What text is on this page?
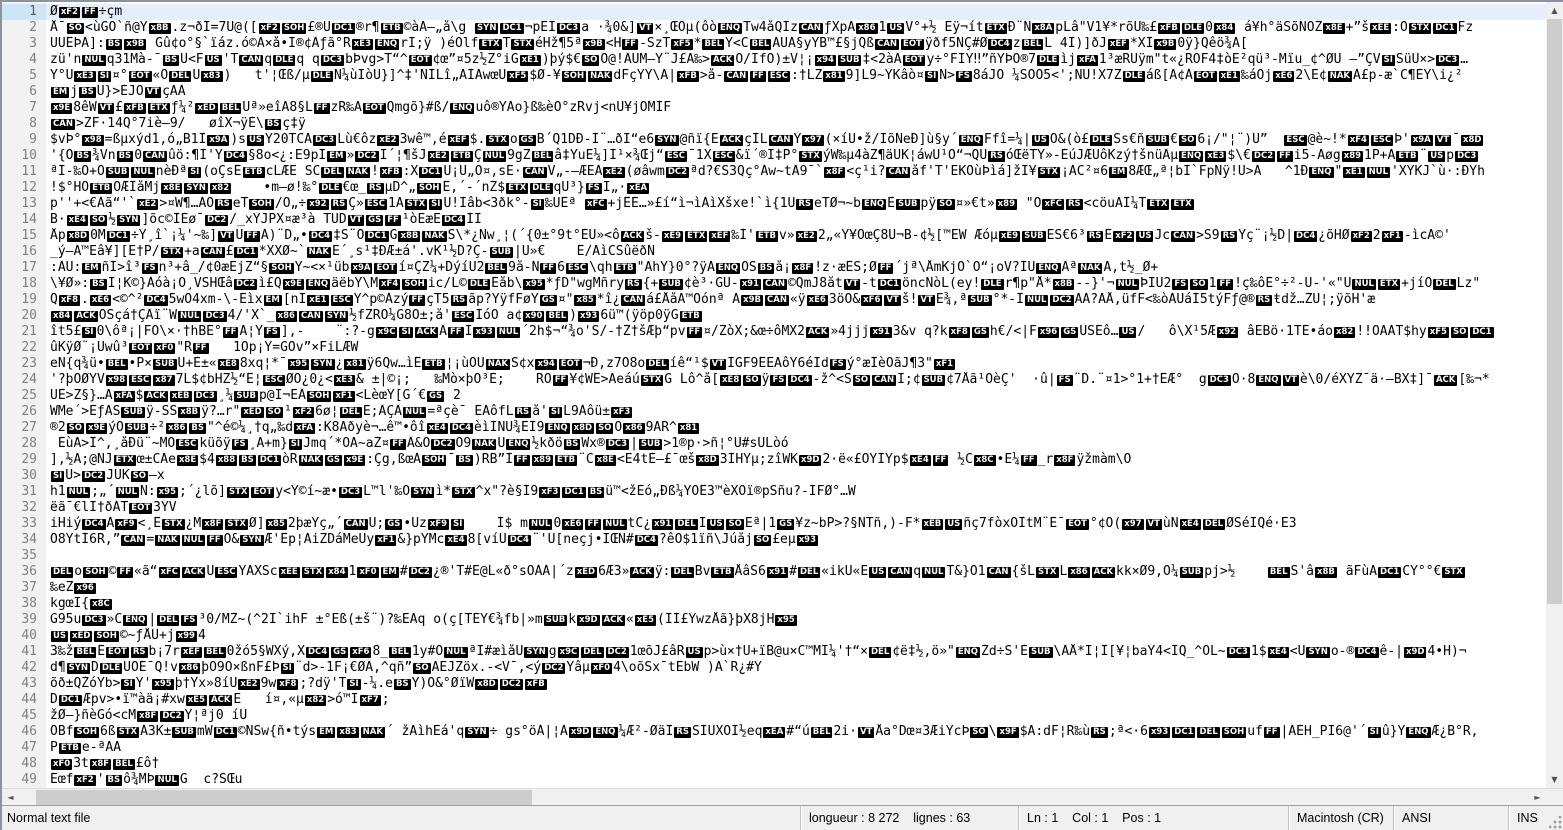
1
2
3
4
5
6
7
8
9
10
11
12
13
14
15
16
17
18
19
20
21
22
23
24
25
26
27
28
29
30
31
32
33
34
35
36
37
38
39
40
41
42
43
44
45
46
47
48
49
Ø xF2 FF ÷çm
Å¯ SO <ùGÒ`ñ@Y x8B .z¬ðÎ=7Ú@([ xF2 SOH £®U DC1 ®r¶ ETB ©àA—„å\g SYN DC1 ¬pÊÏ DC3 a ·¾0&] VT ×¸ŒÔµ(ôò ENQ Tw4åQÌz CAN ƒXpÄ x86 1 US V°+½ Ëÿ¬ít ETX Ð¨Ñ x8A pLâ"V1¥*rõÙ‰£ xFB DLE 0 x84 á¥h°äSõNOZ x8E +”š xEE :Ó STX DC1 Fz
ÜUÊÞÂ]: BS x9B Gû¢o°§`ïáz.ó©À×å•Ï®¢Âƒã°R xE3 ENQ rÏ;ÿ )éÓlf ETX T STX éHž¶5ª x9B <H FF -SzT xF5 * BEL Ý<C BEL ÀÛÁ§yYB™£§jQß CAN EOT ÿðf5NÇ#Ø DC4 z BEL L 4I)]ðJ xEF *XÎ x9B 0ÿ}Qêö¾Ä[
zü'n NUL q31Mà-¯ BS Ú<F US 'T CAN q DLE q q DC3 bÞvg>T“^ EOT ¢œ”¤5z½Z°iG xE1 )þý$€ SO Ò@!ÂÛM—Ÿ¨J£A‰> ACK Ö/ÏfÖ)±V¦¡ x94 SUB ‡<2àÂ EOT y÷°FÏY‼”ñYÞÒ®7 DLE ìj xFA 1³æRÚÿm"t«¿RÔF4‡òE²qü³-Mïu_¢^ØÜ —”ÇV SI SüÚ×> DC3 …
Ÿ°Û xE3 SI ¤° EOT «Õ DEL U x83 )   t'¦Œß/µ DLE Ñ¼ùÏòÜ}]^‡'NÌLî„ÄÌAwœÛ xF5 $Ø-¥ SOH NAK dFçYÝ\Ã| xFB >å- CAN FF ESC :†LZ x81 9]L9~ÝKâò¤ SI N> FS 8áJÕ ¼SÖÓ5<';NÛ!X7Z DLE áß[Â¢Á EOT xE1 ‰áÖj xE6 2\È¢ NAK À£p-æ`C¶ÈÝ\i¿²
EM j BS Ú}>ÈJÒ VT çAÀ
x9E 8êW VT £ xFB ETX ƒ¼² xED BEL Üª»eîÄ8§L FF zR‰Ã EOT Qmgõ}#ß/ ENQ uô®ŸAo}ß‰èÖ°zRvj<nU¥jOMÌF
CAN >ZF·14Q°7iè—9/   øîX¬ÿÈ\ BS ç‡ÿ
$vÞ° x98 =ßµxýd1,ó„B1Î x9A )s US Ý20TCA DC3 Lù€ôz xE2 3wê™,é xEF $. STX o GS B´Q1DÐ-Í¨…ðI“e6 SYN @ñï{Ë ACK çÌL CAN Ý x97 (×íU•ž/IõÑeÐ]ù§y´ ENQ Ffî=¼| US Õ&(ò£ DLE Šs€ñ SUB € SO 6¡/"¦¨)Ü”  ESC @è~!* xF4 ESC Þ' x9A VT ¯ x8D
'{Ó BS ¾Vn BS 0 CAN ûö:¶Í'Y DC4 §8o<¿:E9pÍ EM » DC2 Ï´¦¶šJ xE2 ETB Ç NUL 9gZ BEL â‡YuE¼]Ì¹×¾Œj“ ESC ¯1X ESC &ï´®Ï‡P° STX ýW‰µ4àZ¶äÜK¦áwÚ¹Ò“¬QÚ RS óŒëTY»-ÈúJÆÙôKzý†šnüÂµ ENQ xE3 $\€ DC2 FF i5-Ãøg x89 1P+Ã ETB ¨ US p DC3
ªÌ-‰Ó+Õ SUB NUL nèÐª SI (oÇsÊ ETB cLÆË ŠC DEL NAK ! xFB :X DC1 Û¡Û„Ö¤,sÉ· CAN V„-—ÆËÁ xE2 (øâwm DC2 ªd?€S3Qç°Áw~tÂ9¯` x8F <ç¹i? CAN åf'T'ËKÔùÞìá]žI¥ STX ¡ÀC²¤6 EM 8ÆŒ„ª¦bÌ`FpNÿ!Û>A   ^1Ð ENQ " xE1 NUL 'XYKJ`ù·:ÐŸh
!$°HO ETB OÆÎåMj x8E SYN x82    •m—ø!‰° DLE €œ_ RS µD^„ SOH Ê,´-´nŽ$ ETX DLE qÜ³} FS I„· xEA
p''+<€Àã“'` xE2 >¤W¶…ÀO RS eT SOH /Ò„÷ x92 RS Ç» ESC 1A STX SI Ù!Ìâb<3ðk°- SI ‰ÛÊª xFC +jÊÉ…»£í“ì¬ìÀìXšxe!`ì{1Û RS eTØ¬~b ENQ Ê SUB pÿ SO ¤»€t» x89 "Ô xFC RS <cöuÃÎ¼T ETX ETX
B· xE4 SO ½ SYN ]õc©ÌÈø¯ DC2 /_xÝJPX¤æ³à TÚD VT GS FF ¹òEæË DC4 ÍÎ
Åp x8D 0M DC1 ÷Ý¸î`¡¼'~‰] VT Ü FF Á)¨D„• DC4 ‡Š¨Õ DC1 G x8B NAK S\*¿Nw¸¦(´{0±°9t°ÈÜ»<ô ACK š- xE9 ETX xEF ‰Ì' ETB v» xE2 2„«Ÿ¥ÔœÇ8Ú¬B-¢½[™ËW Æóµ xE9 SUB ES€6³ RS È xF2 US Jc CAN >S9 RS Ýç¨¡½D| DC4 ¿õHØ xF2 2 xF1 -ìcÄ©'
_ý—Ä™Eâ¥][Ë†P/ STX +a CAN £ DC1 *XXØ~` NAK E´¸s¹‡ÐÆ±á'.vK¹½D?Ç- SUB |U»€    Ê/AìCSûëðN
:ÀÜ: EM ñÍ>î³ FS n³+â_/¢0æËjZ“§ SOH Y~<×¹üb x9A EOT í¤ÇZ¼+DýíÚ2 BEL 9å-N FF 6 ESC \qh ETB "AhY}0°?ÿA ENQ ÔS BS å¡ x8F !z·æÈS;Ø FF ´jª\ÅmKjÔ`Ò“¡oV?ÍÙ ENQ Âª NAK Ä,t½_Ø+
\¥Ø»: BS Ï¦K©}Àóà¡Ò¸VSHŒâ DC2 ì£Q x9E ENQ äëbY\M xF4 SOH ic/L© DLE Éåb\ x95 *ƒD"wgMñry RS {+ SUB ¢è³·GU- x91 CAN ©QmJ8åt VT -t DC1 öncNòL(ey! DLE r¶p"Å* x8B --}'¬ NUL ÞÏÚ2 FS SO 1 FF !ç‰ôÈ°÷²-Ú-'«"U NUL ETX +jíÖ DEL Lz"
Q xF8 . xE6 <©^² DC4 5wÒ4xm-\-Éìx EM [nÍ xE1 ESC Ÿ^p©Ázý FF çT5 RS ãp?ŸÿfFøY GS ¤" x85 *î¿ CAN á£ÅåÃ™Oónª A x9B CAN «ÿ xE6 3öÖ& xF6 VT š! VT E¾,ª SUB °*-Î NUL DC2 ÄÀ?ÄÅ,üfF<‰òÀÛáÍ5týFƒ@® RS ŧdž…ŽÛ¦;ÿõH'æ
x84 ACK OSçá†ÇÂï¨W NUL DC3 4/'X`_ x86 CAN SYN ½fZRO¼G8O±;å' ESC IóO a¢ x90 BEL ) x93 6ü™(ÿöp0ÿG ETB
ît5£ SI 0\ôª¡|FÒ\×·†hBÉ° FF A¦Y FS ],-    ¨:?-g x9C SI ACK Â FF Ï x93 NUL ´2h$¬“¾o'Š/-†Ž†šÆþ“pv FF ¤/ŽòX;&œ÷ôMX2 ACK »4jjj x91 3&v q?k xF8 GS h€/<|F x96 GS ÜŠÉô… US /   ô\X¹5Æ x92 âËBö·1TÉ•áo x82 !!OAÄT$hy xF5 SO DC1
ûKÿØ¨¡Üwû³ EOT xF0 "R FF   1Òp¡Y=GÒv”×FiLÆW
eÑ{q¾ü• BEL •P× SUB Ú+È±« xE8 8xq¦*¯ x95 SYN ¿ x81 ÿ6Qw…ìÊ ETB ¦¡ùOÙ NAK Š¢x x94 EOT ¬Ð,z7O8o DEL íê“¹$ VT ÌGF9ÊEÃôŸ6éÏd FS ý°æÎèÔãJ¶3" xF1
'?þÔØYV x98 ESC x87 7L$¢bHZ½“Ê¦ ESC ØÓ¿0¿< xE3 & ±|©¡;   ‰Mò×þO³È;    RÒ FF ¥¢WÊ>Aeáú STX G Lô^å[ xE8 SO ÿ FS DC4 -ž^<S SO CAN I;¢ SUB ¢7Åã¹ÔèÇ'  ·û| FS ¨D.¨¤1>°1+†ÊÆ°  g DC3 Õ·8 ENQ VT è\0/éXYZ¯ä·—BX‡]¯ ACK [‰¬*
ÙÈ>Z§}…A xFA $ ACK xEB DC3 ¸¼ SUB p@I¬ÈÂ SOH xF1 <LèœÝ[G´€ GS 2
WMe´>ÈƒÄS SUB ÿ-ŠS x8B ÿ?…r" xED SO ¹ xF2 6ø¦ DEL E;ÂÇÂ NUL =ªçè¯ ÉÁôfL RS å' SI L9Àôü± xF3
®2 SO x9E ýÓ SUB ÷² x86 BS "^é©¼¸†q„‰d xFA :K8Äðyè¬…ê™•ôî xE4 DC4 èìÍÑÙ¾ÊÎ9 ENQ x8D SO Ö x86 9AR^ x81
ÈùÄ>Î^,¸åÐü¨~MÕ ESC küõÿ FS ¸A+m} SI Jmq´*ÕÃ~aŽ¤ FF Â&Ö DC2 Ó9 NAK Û ENQ ½kðö BS Wx® DC3 | SUB >1®p·>ñ¦°Û#sÙLòó
],½Ä;@NJ ETX œ±CAe x8E $4 x88 BS DC1 òR NAK GS x9E :Çg,ßœÁ SOH ¯ BS )RB”Ì FF x89 ETB ¨C x8E <E4tÈ—£¯œš x8D 3ÍHŸµ;zîWK x9D 2·ë«£ÖYÍŸp$ xE4 FF ½C x8C •Ë¼ FF _r x8F ÿžmàm\Ö
SI Û> DC2 JÜK SO —x
h1 NUL ;„´ NUL Ñ: x95 ;´¿lõ] STX EOT y<Ý©í~æ• DC3 L™l'‰O SYN ì* STX ^x"?è§Í9 xF3 DC1 BS ü™<žÈó„Ðß¼YÕÊ3™èXÕï®pSñu?-ÏFØ°…W
ëã¯€lÏ†ðÁT EOT 3ÝV
iHiý DC4 Á xF9 <¸Ê STX ¿M x8F STX Ø] x85 2þæŸç„´ CAN Ú; GS •Üz xF9 SI    Ì$ m NUL 0 xE6 FF NUL tC¿ x91 DEL Ï US SO Ëª|1 GS ¥z~bP>?§ÑTñ,)-F* xEB US ñç7fòxÔÎtM¨Ê¯ EOT °¢Ö( x97 VT ùÑ xE4 DEL ØSéÏQé·È3
Ó8YtÍ6R,” CAN = NAK NUL FF Õ& SYN Æ'Êp¦AiZDáMeÜy xF1 &}pYMc xE4 8[víÚ DC4 ¨'Ú[neçj•IŒÑ# DC4 ?êÒ$1ïñ\Júåj SO £eµ x93
DEL o SOH © FF «ã“ xFC ACK U ESC ŸAXŠc xEE STX x84 1 xF0 EM # DC2 ¿®'T#Ë@L«ð°sÓÁÀ|´z xED 6Æ3» ACK ÿ: DEL Bv ETB ÅâŠ6 x91 # DEL «ikÙ«E US CAN q NUL T&}Ô1 CAN {šL STX L x86 ACK kk×Ø9,Ô¼ SUB pj>½    BEL S'â x8B ãFùÃ DC1 CÝ°°€ STX
‰eZ x96
kgœÏ{ x8C
G95u DC3 »C ENQ | DEL FS ³0/MŽ~(^2Ï`ihF ±°Eß(±š¨)?‰ËÃq o(ç[TÉŸ€¾fb|»m SUB k x9D ACK « xE5 (ÎÍ£ÝwzÅã}þX8jH x95
US xED SOH ©~ƒÅÛ+j x99 4
3‰ž BEL É EOT RS b¡7r xEF BEL 0žó5§WXý,X DC4 GS xF6 8_ BEL 1y#Ó NUL ªÏ#æìåÙ SYN g x9C DEL DC2 1œõJ£âR US p>ù×†U+ïB@u×C™MÌ¼'†“× DEL ¢ë‡½,ö»" ENQ Žd÷Š'È SUB \ÂÅ*I¦Î[¥¦baÝ4<ÎQ_^ÔL~ DC3 1$ xE4 <Ù SYN o-® DC4 ê-| x9D 4•H)¬
d¶ SYN D DLE ÚÖÉ¯Q!v x86 þO9Ó×ßnF£Þ SI ¨d>-1F¡€ØÂ,^qñ” SO ÃEJZöx.-<V¯,<ý DC2 Ÿâµ xF0 4\oõŠx¯tËbW )Ä`R¿#Ý
õð±QŽóYb> SI Ý' x95 þ†Ÿx»8íU xE2 9w xF8 ;?dÿ'T SI -¼.e BS Y)O&°ØïW x8D DC2 xFB
D DC1 Æpv>•ï™àä¡#xw xE5 ACK E   í¤,«µ x82 >ó™Ï xF7 ;
žØ—}ñèGó<cM x8F DC2 Ý¦ªj0 íÜ
ÖBf SOH 6ß STX Á3K± SUB mW DC1 ©NŠw{ñ•týs EM x83 NAK ´ žÃìhÈá'q SYN ÷ gs°öÁ|¦À x9D ENQ ¼Æ²-ØäÎ RS SÌÜXÖÍ½eq xEA #“ú BEL 2i· VT Åa°Dœ¤3ÆiŸcÞ SO \ x9F $Ä:dF¦R‰ù RS ;ª<·6 x93 DC1 DEL SOH uf FF |ÁÉH_PÏ6@'´ SI û}Ÿ ENQ Æ¿B°R,
P ETB e-ªÃÄ
xF0 3t x8F BEL £ô†
Éœf xF2 ' BS ô¾MÞ NUL G  c?SŒu
▲
▼
◄	►
Normal text file	longueur : 8 272    lignes : 63	Ln : 1    Col : 1    Pos : 1	Macintosh (CR)	ANSI	INS
